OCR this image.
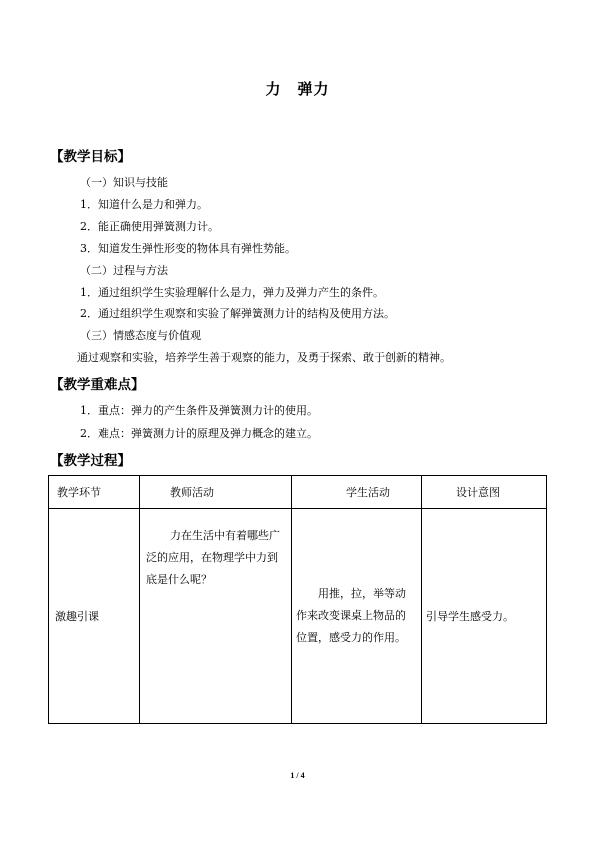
力　弹力
【教学目标】
（一）知识与技能
1．知道什么是力和弹力。
2．能正确使用弹簧测力计。
3．知道发生弹性形变的物体具有弹性势能。
（二）过程与方法
1．通过组织学生实验理解什么是力，弹力及弹力产生的条件。
2．通过组织学生观察和实验了解弹簧测力计的结构及使用方法。
（三）情感态度与价值观
通过观察和实验，培养学生善于观察的能力，及勇于探索、敢于创新的精神。
【教学重难点】
1．重点：弹力的产生条件及弹簧测力计的使用。
2．难点：弹簧测力计的原理及弹力概念的建立。
【教学过程】
教学环节	教师活动	学生活动	设计意图
激趣引课	力在生活中有着哪些广泛的应用，在物理学中力到底是什么呢？	用推，拉，举等动作来改变课桌上物品的位置，感受力的作用。	引导学生感受力。
1 / 4
